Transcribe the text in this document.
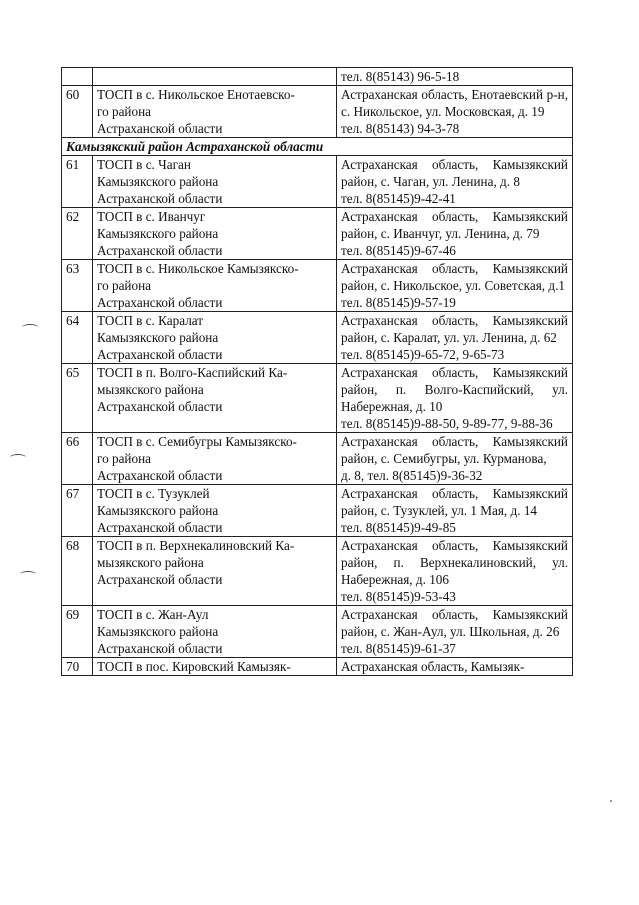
		тел. 8(85143) 96-5-18

60	ТОСП в с. Никольское Енотаевско-
го района
Астраханской области	Астраханская область, Енотаевский р-н, с. Никольское, ул. Московская, д. 19
тел. 8(85143) 94-3-78

Камызякский район Астраханской области		
61	ТОСП в с. Чаган
Камызякского района
Астраханской области	Астраханская область, Камызякский район, с. Чаган, ул. Ленина, д. 8
тел. 8(85145)9-42-41

62	ТОСП в с. Иванчуг
Камызякского района
Астраханской области	Астраханская область, Камызякский район, с. Иванчуг, ул. Ленина, д. 79
тел. 8(85145)9-67-46

63	ТОСП в с. Никольское Камызякско-
го района
Астраханской области	Астраханская область, Камызякский район, с. Никольское, ул. Советская, д.1
тел. 8(85145)9-57-19

64	ТОСП в с. Каралат
Камызякского района
Астраханской области	Астраханская область, Камызякский район, с. Каралат, ул. ул. Ленина, д. 62
тел. 8(85145)9-65-72, 9-65-73

65	ТОСП в п. Волго-Каспийский Ка-
мызякского района
Астраханской области	Астраханская область, Камызякский район, п. Волго-Каспийский, ул. Набережная, д. 10
тел. 8(85145)9-88-50, 9-89-77, 9-88-36

66	ТОСП в с. Семибугры Камызякско-
го района
Астраханской области	Астраханская область, Камызякский район, с. Семибугры, ул. Курманова,
д. 8, тел. 8(85145)9-36-32

67	ТОСП в с. Тузуклей
Камызякского района
Астраханской области	Астраханская область, Камызякский район, с. Тузуклей, ул. 1 Мая, д. 14
тел. 8(85145)9-49-85

68	ТОСП в п. Верхнекалиновский Ка-
мызякского района
Астраханской области	Астраханская область, Камызякский район, п. Верхнекалиновский, ул. Набережная, д. 106
тел. 8(85145)9-53-43

69	ТОСП в с. Жан-Аул
Камызякского района
Астраханской области	Астраханская область, Камызякский район, с. Жан-Аул, ул. Школьная, д. 26
тел. 8(85145)9-61-37

70	ТОСП в пос. Кировский Камызяк-	Астраханская область, Камызяк-
